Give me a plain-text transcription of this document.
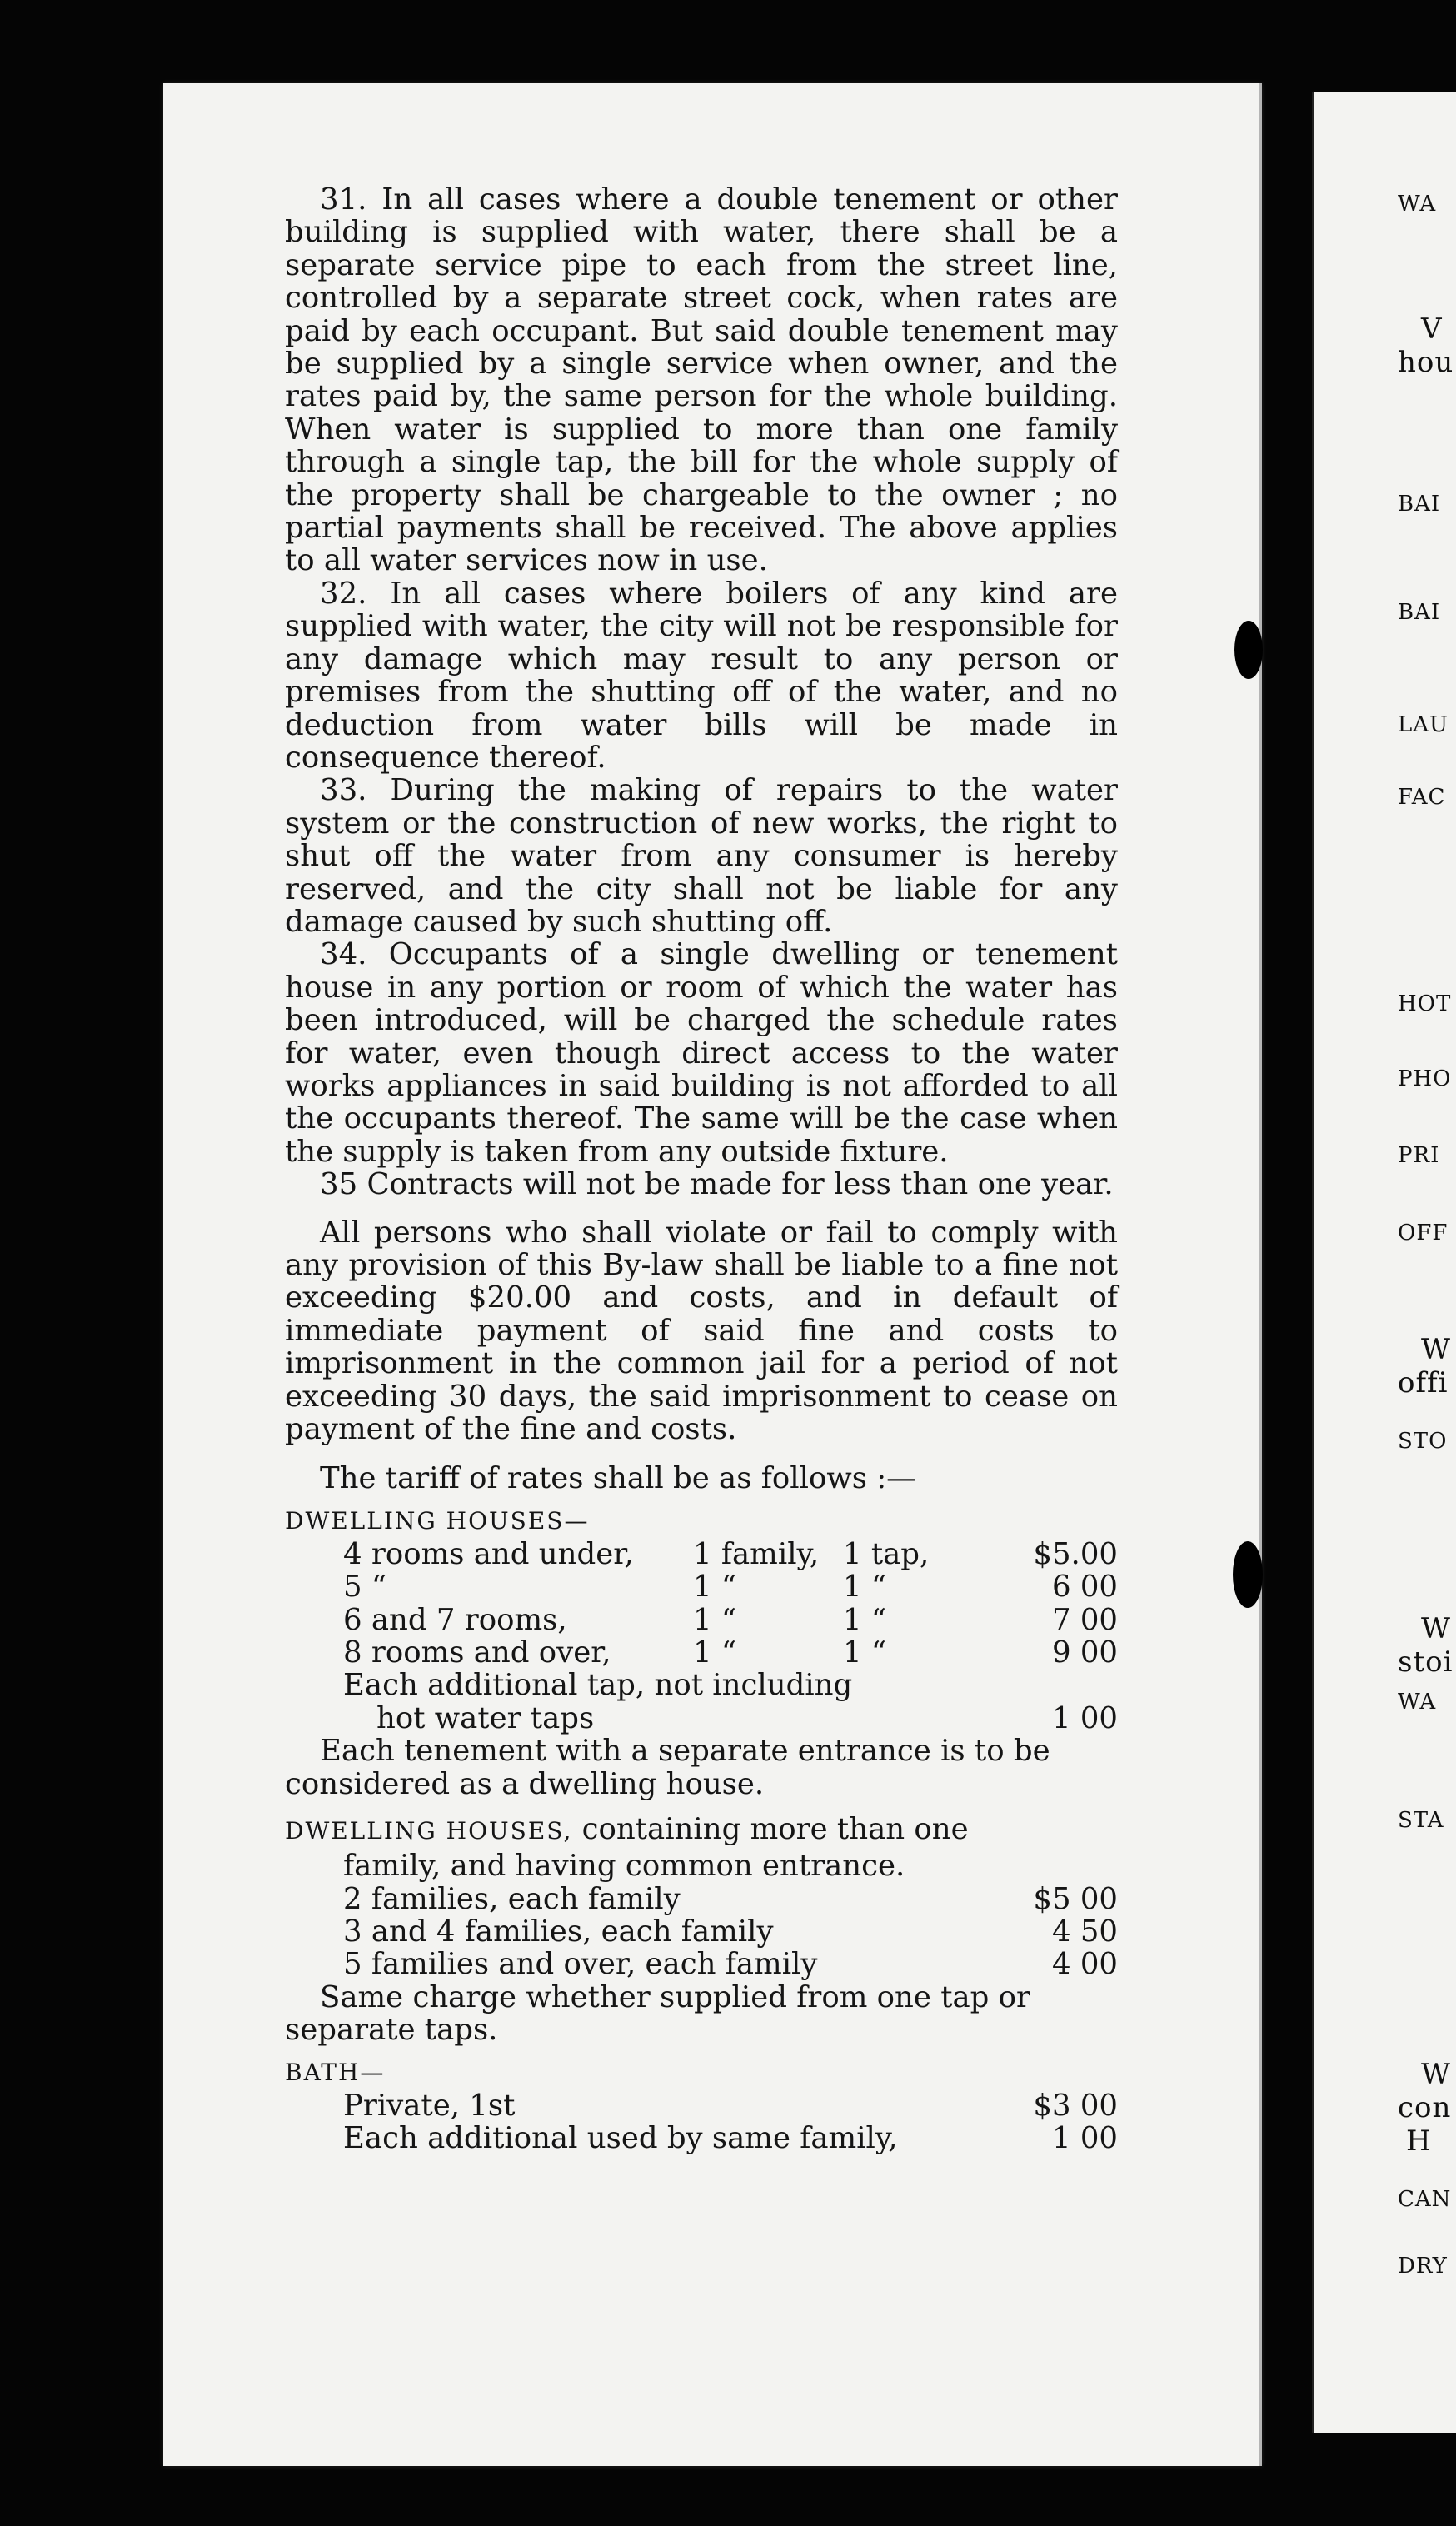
31. In all cases where a double tenement or other building is supplied with water, there shall be a separate service pipe to each from the street line, controlled by a separate street cock, when rates are paid by each occupant. But said double tenement may be supplied by a single service when owner, and the rates paid by, the same person for the whole building. When water is supplied to more than one family through a single tap, the bill for the whole supply of the property shall be chargeable to the owner ; no partial payments shall be received. The above applies to all water services now in use.

32. In all cases where boilers of any kind are supplied with water, the city will not be responsible for any damage which may result to any person or premises from the shutting off of the water, and no deduction from water bills will be made in consequence thereof.

33. During the making of repairs to the water system or the construction of new works, the right to shut off the water from any consumer is hereby reserved, and the city shall not be liable for any damage caused by such shutting off.

34. Occupants of a single dwelling or tenement house in any portion or room of which the water has been introduced, will be charged the schedule rates for water, even though direct access to the water works appliances in said building is not afforded to all the occupants thereof. The same will be the case when the supply is taken from any outside fixture.

35 Contracts will not be made for less than one year.

All persons who shall violate or fail to comply with any provision of this By-law shall be liable to a fine not exceeding $20.00 and costs, and in default of immediate payment of said fine and costs to imprisonment in the common jail for a period of not exceeding 30 days, the said imprisonment to cease on payment of the fine and costs.

The tariff of rates shall be as follows :—

DWELLING HOUSES—
4 rooms and under,	1 family,	1 tap,	$5.00
5 “	1 “	1 “	6 00
6 and 7 rooms,	1 “	1 “	7 00
8 rooms and over,	1 “	1 “	9 00
Each additional tap, not including
hot water taps	1 00

Each tenement with a separate entrance is to be considered as a dwelling house.

DWELLING HOUSES, containing more than one
family, and having common entrance.
2 families, each family	$5 00
3 and 4 families, each family	4 50
5 families and over, each family	4 00

Same charge whether supplied from one tap or separate taps.

BATH—
Private, 1st	$3 00
Each additional used by same family,	1 00
WA
V
hou
BAI
BAI
LAU
FAC
HOT
PHO
PRI
OFF
W
offi
STO
W
stoi
WA
STA
W
con
H
CAN
DRY
